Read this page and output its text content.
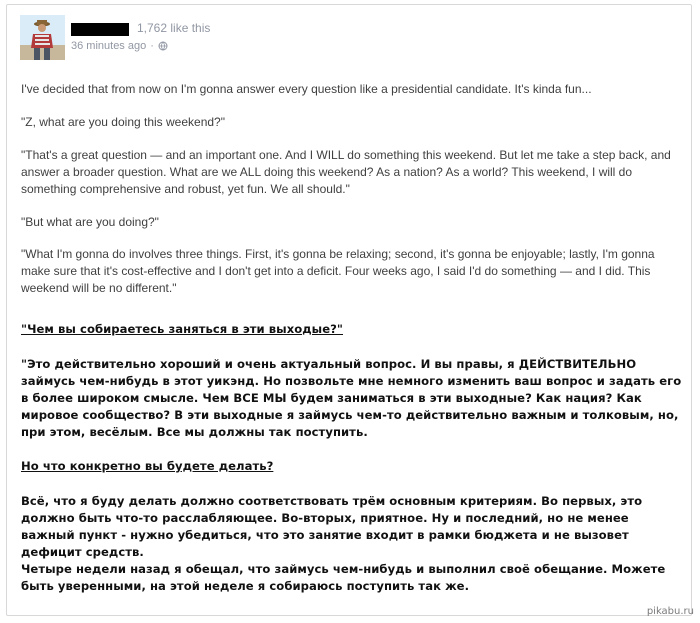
1,762 like this
36 minutes ago ·

I've decided that from now on I'm gonna answer every question like a presidential candidate. It's kinda fun...

"Z, what are you doing this weekend?"

"That's a great question — and an important one. And I WILL do something this weekend. But let me take a step back, and answer a broader question. What are we ALL doing this weekend? As a nation? As a world? This weekend, I will do something comprehensive and robust, yet fun. We all should."

"But what are you doing?"

"What I'm gonna do involves three things. First, it's gonna be relaxing; second, it's gonna be enjoyable; lastly, I'm gonna make sure that it's cost-effective and I don't get into a deficit. Four weeks ago, I said I'd do something — and I did. This weekend will be no different."

"Чем вы собираетесь заняться в эти выходые?"

"Это действительно хороший и очень актуальный вопрос. И вы правы, я ДЕЙСТВИТЕЛЬНО займусь чем-нибудь в этот уикэнд. Но позвольте мне немного изменить ваш вопрос и задать его в более широком смысле. Чем ВСЕ МЫ будем заниматься в эти выходные? Как нация? Как мировое сообщество? В эти выходные я займусь чем-то действительно важным и толковым, но, при этом, весёлым. Все мы должны так поступить.

Но что конкретно вы будете делать?

Всё, что я буду делать должно соответствовать трём основным критериям. Во первых, это должно быть что-то расслабляющее. Во-вторых, приятное. Ну и последний, но не менее важный пункт - нужно убедиться, что это занятие входит в рамки бюджета и не вызовет дефицит средств.
Четыре недели назад я обещал, что займусь чем-нибудь и выполнил своё обещание. Можете быть уверенными, на этой неделе я собираюсь поступить так же.
pikabu.ru
